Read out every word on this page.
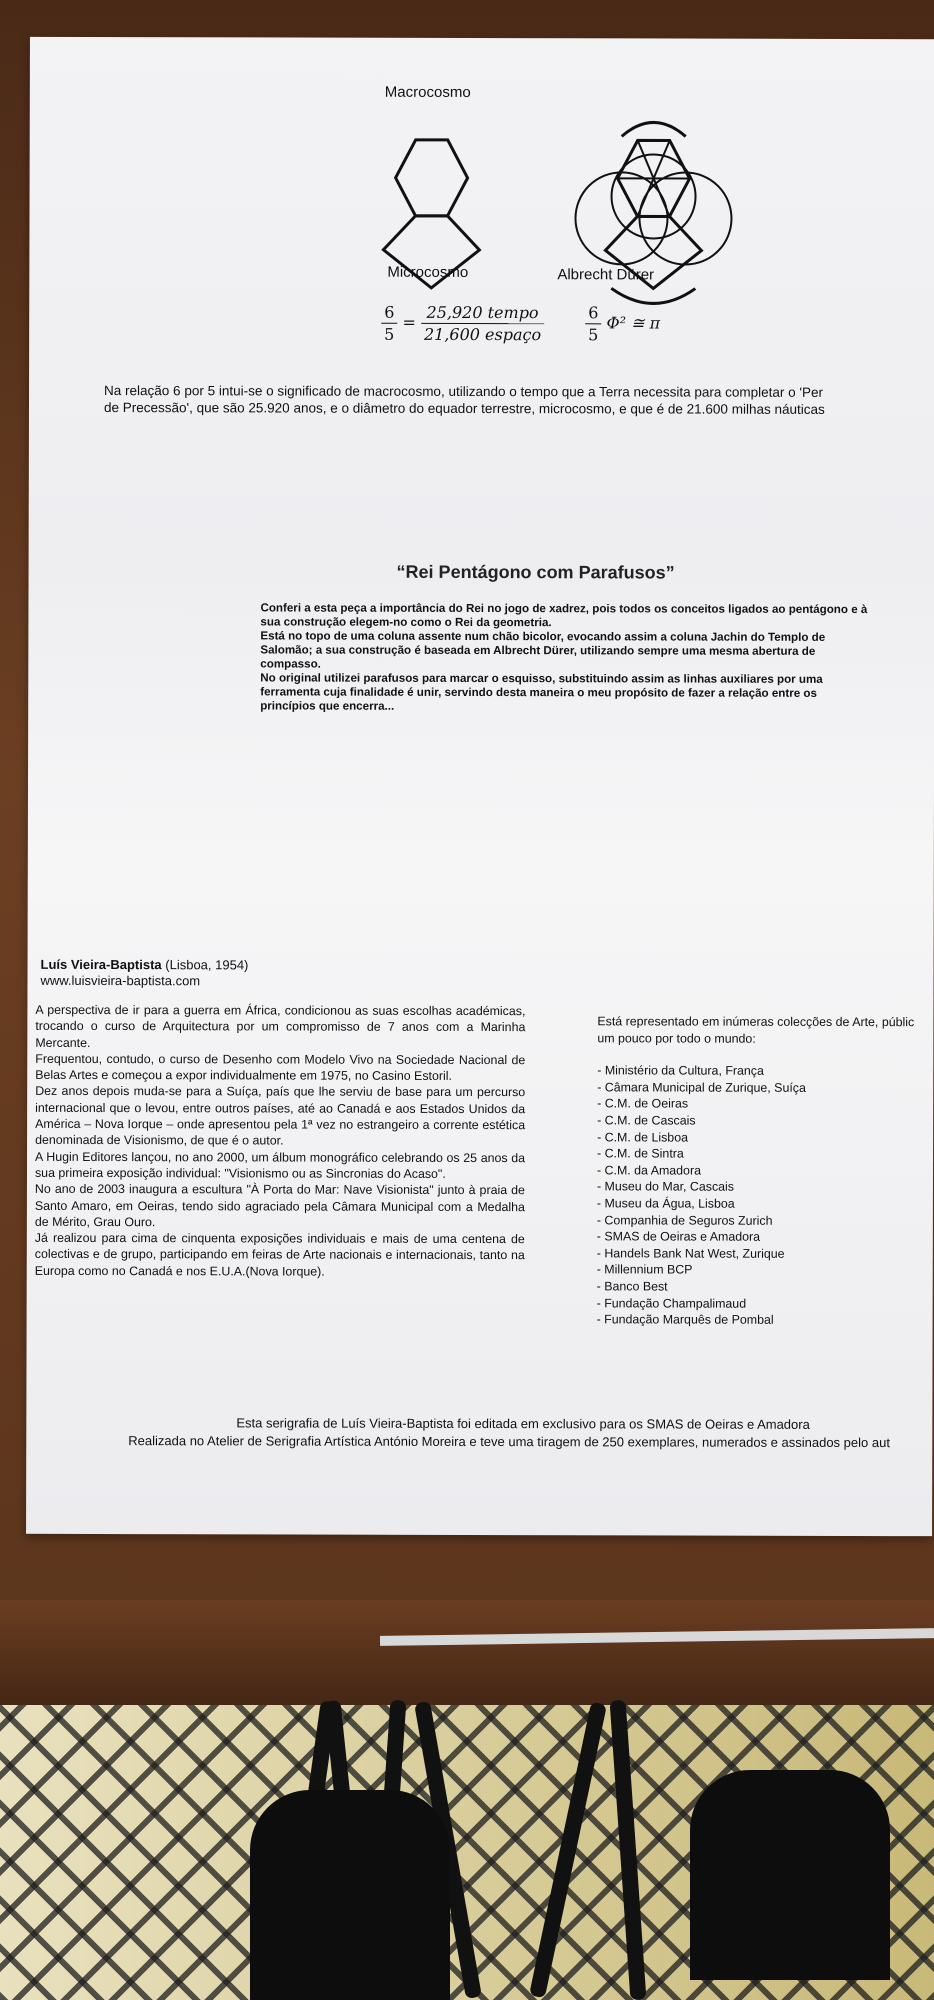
Macrocosmo
Microcosmo	Albrecht Dürer
$\frac{6}{5} = \frac{\text{25,920 tempo}}{\text{21,600 espaço}}$	$\frac{6}{5} \Phi^2$ ≅ π
Na relação 6 por 5 intui-se o significado de macrocosmo, utilizando o tempo que a Terra necessita para completar o 'Per
de Precessão', que são 25.920 anos, e o diâmetro do equador terrestre, microcosmo, e que é de 21.600 milhas náuticas
“Rei Pentágono com Parafusos”

Conferi a esta peça a importância do Rei no jogo de xadrez, pois todos os conceitos ligados ao pentágono e à sua construção elegem-no como o Rei da geometria.

Está no topo de uma coluna assente num chão bicolor, evocando assim a coluna Jachin do Templo de Salomão; a sua construção é baseada em Albrecht Dürer, utilizando sempre uma mesma abertura de compasso.

No original utilizei parafusos para marcar o esquisso, substituindo assim as linhas auxiliares por uma ferramenta cuja finalidade é unir, servindo desta maneira o meu propósito de fazer a relação entre os princípios que encerra...

Luís Vieira-Baptista (Lisboa, 1954)
www.luisvieira-baptista.com

A perspectiva de ir para a guerra em África, condicionou as suas escolhas académicas, trocando o curso de Arquitectura por um compromisso de 7 anos com a Marinha Mercante.

Frequentou, contudo, o curso de Desenho com Modelo Vivo na Sociedade Nacional de Belas Artes e começou a expor individualmente em 1975, no Casino Estoril.

Dez anos depois muda-se para a Suíça, país que lhe serviu de base para um percurso internacional que o levou, entre outros países, até ao Canadá e aos Estados Unidos da América – Nova Iorque – onde apresentou pela 1ª vez no estrangeiro a corrente estética denominada de Visionismo, de que é o autor.

A Hugin Editores lançou, no ano 2000, um álbum monográfico celebrando os 25 anos da sua primeira exposição individual: "Visionismo ou as Sincronias do Acaso".

No ano de 2003 inaugura a escultura "À Porta do Mar: Nave Visionista" junto à praia de Santo Amaro, em Oeiras, tendo sido agraciado pela Câmara Municipal com a Medalha de Mérito, Grau Ouro.

Já realizou para cima de cinquenta exposições individuais e mais de uma centena de colectivas e de grupo, participando em feiras de Arte nacionais e internacionais, tanto na Europa como no Canadá e nos E.U.A.(Nova Iorque).

Está representado em inúmeras colecções de Arte, públic
um pouco por todo o mundo:
- Ministério da Cultura, França
- Câmara Municipal de Zurique, Suíça
- C.M. de Oeiras
- C.M. de Cascais
- C.M. de Lisboa
- C.M. de Sintra
- C.M. da Amadora
- Museu do Mar, Cascais
- Museu da Água, Lisboa
- Companhia de Seguros Zurich
- SMAS de Oeiras e Amadora
- Handels Bank Nat West, Zurique
- Millennium BCP
- Banco Best
- Fundação Champalimaud
- Fundação Marquês de Pombal
Esta serigrafia de Luís Vieira-Baptista foi editada em exclusivo para os SMAS de Oeiras e Amadora
Realizada no Atelier de Serigrafia Artística António Moreira e teve uma tiragem de 250 exemplares, numerados e assinados pelo aut
